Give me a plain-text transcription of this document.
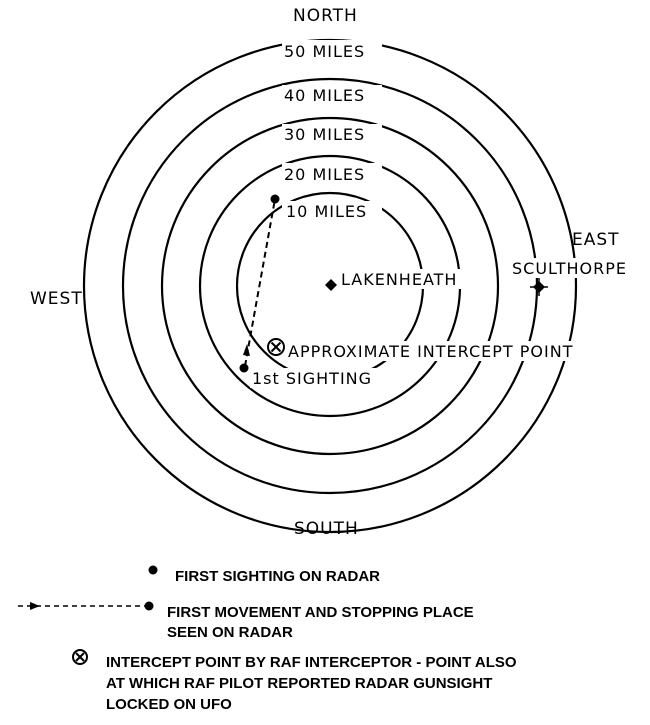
50 MILES
40 MILES
30 MILES
20 MILES
10 MILES
NORTH
SOUTH
EAST
WEST
LAKENHEATH
SCULTHORPE
APPROXIMATE INTERCEPT POINT
1st SIGHTING
FIRST SIGHTING ON RADAR
FIRST MOVEMENT AND STOPPING PLACE
SEEN ON RADAR
INTERCEPT POINT BY RAF INTERCEPTOR - POINT ALSO
AT WHICH RAF PILOT REPORTED RADAR GUNSIGHT
LOCKED ON UFO
